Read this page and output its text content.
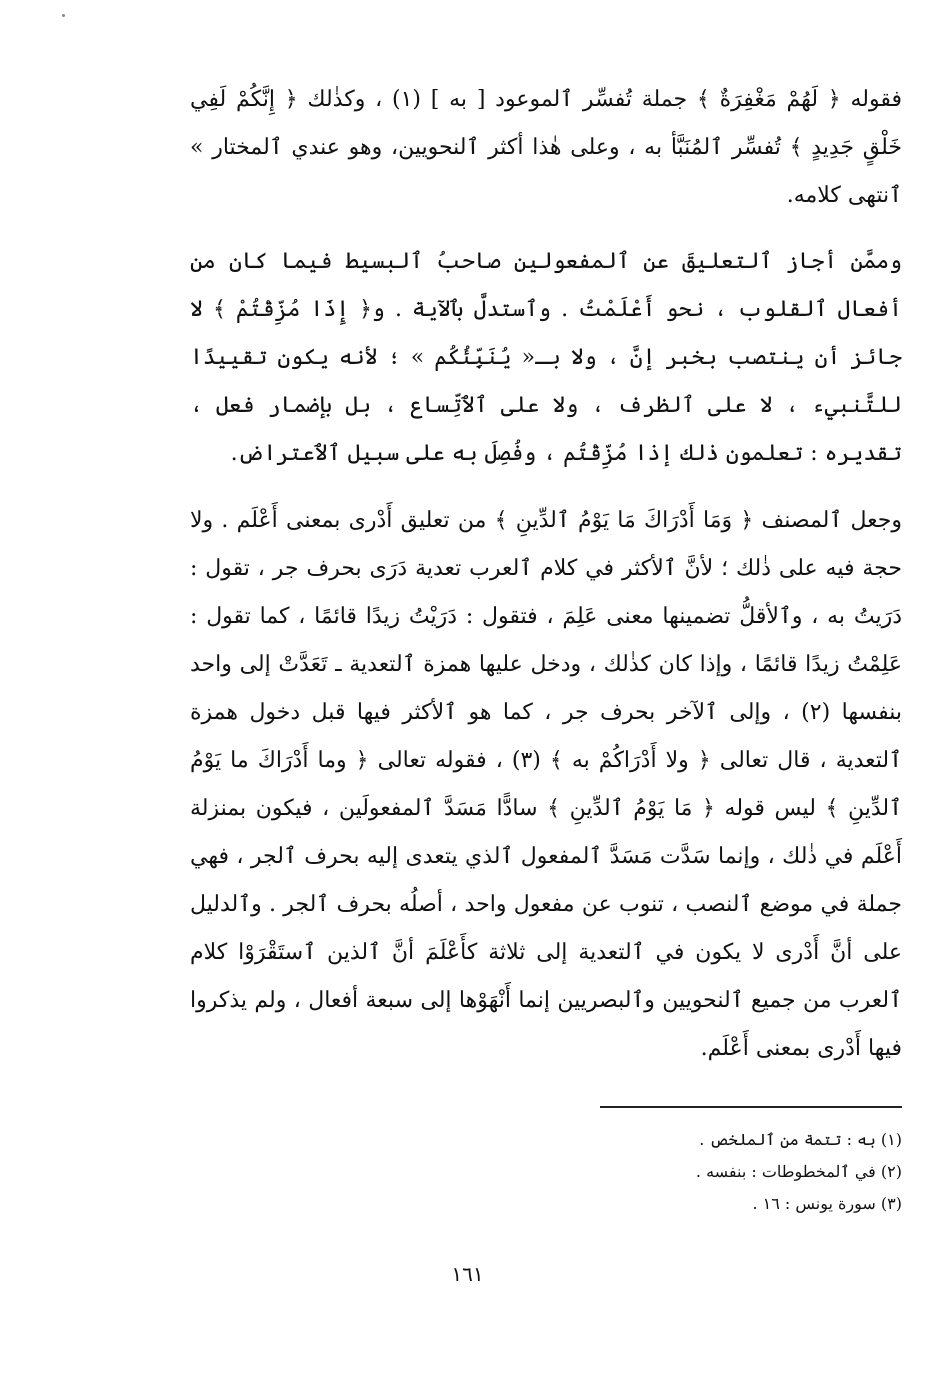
فقوله ﴿ لَهُمْ مَغْفِرَةٌ ﴾ جملة تُفسِّر ٱلموعود [ به ] (١) ، وكذٰلك ﴿ إِنَّكُمْ لَفِي خَلْقٍ جَدِيدٍ ﴾ تُفسِّر ٱلمُنَبَّأ به ، وعلى هٰذا أكثر ٱلنحويين، وهو عندي ٱلمختار » ٱنتهى كلامه.

وممَّن أجاز ٱلتعليقَ عن ٱلمفعولين صاحبُ ٱلبسيط فيما كان من أفعال ٱلقلوب ، نحو أَعْلَمْتُ . وٱستدلَّ بٱلآية . و﴿ إِذَا مُزِّقْتُمْ ﴾ لا جائز أن ينتصب بخبر إنَّ ، ولا بـ« يُنَبِّئُكُم » ؛ لأنه يكون تقييدًا للتَّنبيء ، لا على ٱلظرف ، ولا على ٱلٱتِّساع ، بل بإضمار فعل ، تقديره : تعلمون ذٰلك إذا مُزِّقْتُم ، وفُصِلَ به على سبيل ٱلٱعتراض.

وجعل ٱلمصنف ﴿ وَمَا أَدْرَاكَ مَا يَوْمُ ٱلدِّينِ ﴾ من تعليق أَدْرى بمعنى أَعْلَم . ولا حجة فيه على ذٰلك ؛ لأنَّ ٱلأكثر في كلام ٱلعرب تعدية دَرَى بحرف جر ، تقول : دَرَيتُ به ، وٱلأقلُّ تضمينها معنى عَلِمَ ، فتقول : دَرَيْتُ زيدًا قائمًا ، كما تقول : عَلِمْتُ زيدًا قائمًا ، وإذا كان كذٰلك ، ودخل عليها همزة ٱلتعدية ـ تَعَدَّتْ إلى واحد بنفسها (٢) ، وإلى ٱلآخر بحرف جر ، كما هو ٱلأكثر فيها قبل دخول همزة ٱلتعدية ، قال تعالى ﴿ ولا أَدْرَاكُمْ به ﴾ (٣) ، فقوله تعالى ﴿ وما أَدْرَاكَ ما يَوْمُ ٱلدِّينِ ﴾ ليس قوله ﴿ مَا يَوْمُ ٱلدِّينِ ﴾ سادًّا مَسَدَّ ٱلمفعولَين ، فيكون بمنزلة أَعْلَم في ذٰلك ، وإنما سَدَّت مَسَدَّ ٱلمفعول ٱلذي يتعدى إليه بحرف ٱلجر ، فهي جملة في موضع ٱلنصب ، تنوب عن مفعول واحد ، أصلُه بحرف ٱلجر . وٱلدليل على أنَّ أَدْرى لا يكون في ٱلتعدية إلى ثلاثة كأَعْلَمَ أنَّ ٱلذين ٱستَقْرَوْا كلام ٱلعرب من جميع ٱلنحويين وٱلبصريين إنما أَنْهَوْها إلى سبعة أفعال ، ولم يذكروا فيها أَدْرى بمعنى أَعْلَم.

(١) به : تتمة من ٱلملخص .
(٢) في ٱلمخطوطات : بنفسه .
(٣) سورة يونس : ١٦ .
١٦١
